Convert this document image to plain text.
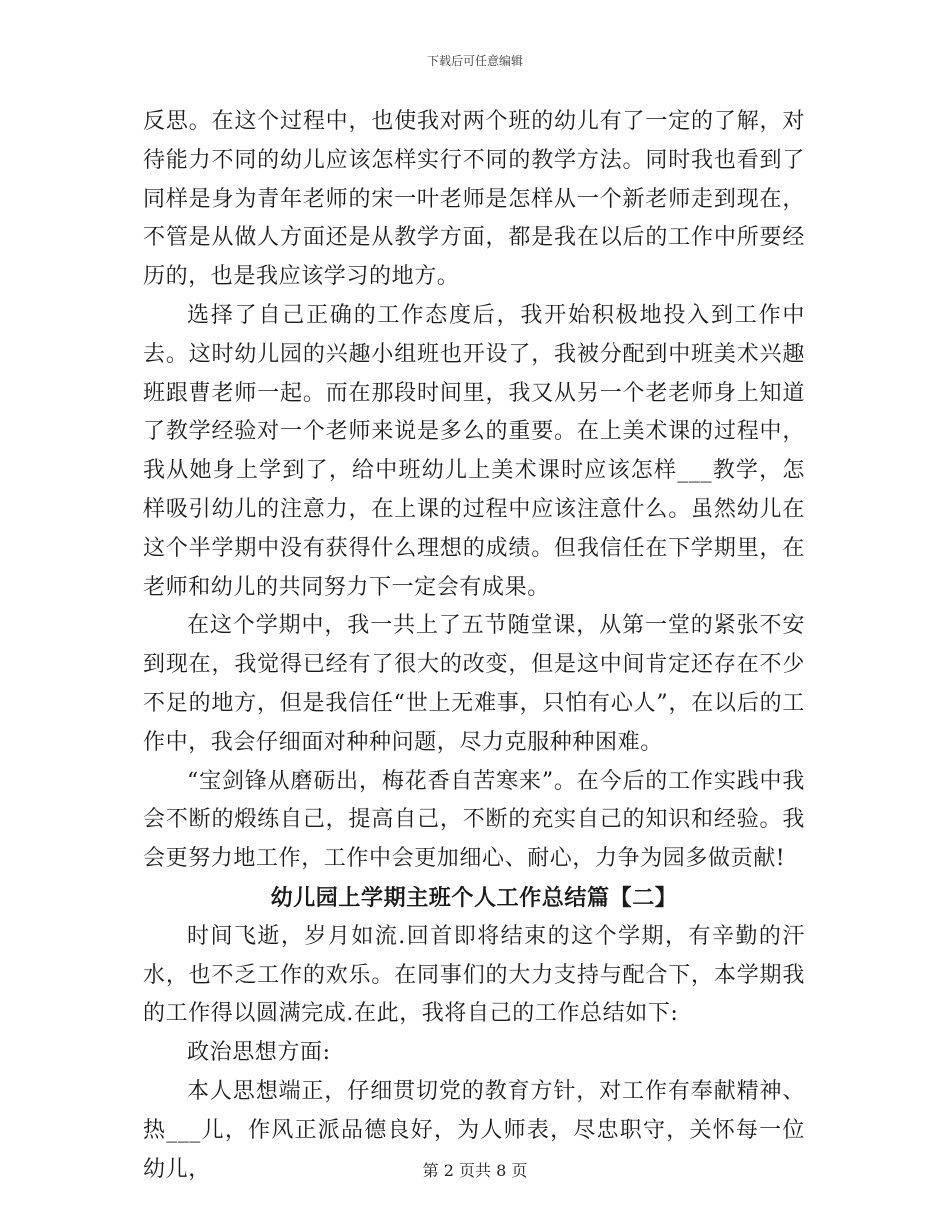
下载后可任意编辑

反思。在这个过程中，也使我对两个班的幼儿有了一定的了解，对待能力不同的幼儿应该怎样实行不同的教学方法。同时我也看到了同样是身为青年老师的宋一叶老师是怎样从一个新老师走到现在，不管是从做人方面还是从教学方面，都是我在以后的工作中所要经历的，也是我应该学习的地方。

选择了自己正确的工作态度后，我开始积极地投入到工作中去。这时幼儿园的兴趣小组班也开设了，我被分配到中班美术兴趣班跟曹老师一起。而在那段时间里，我又从另一个老老师身上知道了教学经验对一个老师来说是多么的重要。在上美术课的过程中，我从她身上学到了，给中班幼儿上美术课时应该怎样___教学，怎样吸引幼儿的注意力，在上课的过程中应该注意什么。虽然幼儿在这个半学期中没有获得什么理想的成绩。但我信任在下学期里，在老师和幼儿的共同努力下一定会有成果。

在这个学期中，我一共上了五节随堂课，从第一堂的紧张不安到现在，我觉得已经有了很大的改变，但是这中间肯定还存在不少不足的地方，但是我信任“世上无难事，只怕有心人”，在以后的工作中，我会仔细面对种种问题，尽力克服种种困难。

“宝剑锋从磨砺出，梅花香自苦寒来”。在今后的工作实践中我会不断的煅练自己，提高自己，不断的充实自己的知识和经验。我会更努力地工作，工作中会更加细心、耐心，力争为园多做贡献!

幼儿园上学期主班个人工作总结篇【二】

时间飞逝，岁月如流.回首即将结束的这个学期，有辛勤的汗水，也不乏工作的欢乐。在同事们的大力支持与配合下，本学期我的工作得以圆满完成.在此，我将自己的工作总结如下:

政治思想方面:

本人思想端正，仔细贯切党的教育方针，对工作有奉献精神、热___儿，作风正派品德良好，为人师表，尽忠职守，关怀每一位幼儿，	第 2 页共 8 页
